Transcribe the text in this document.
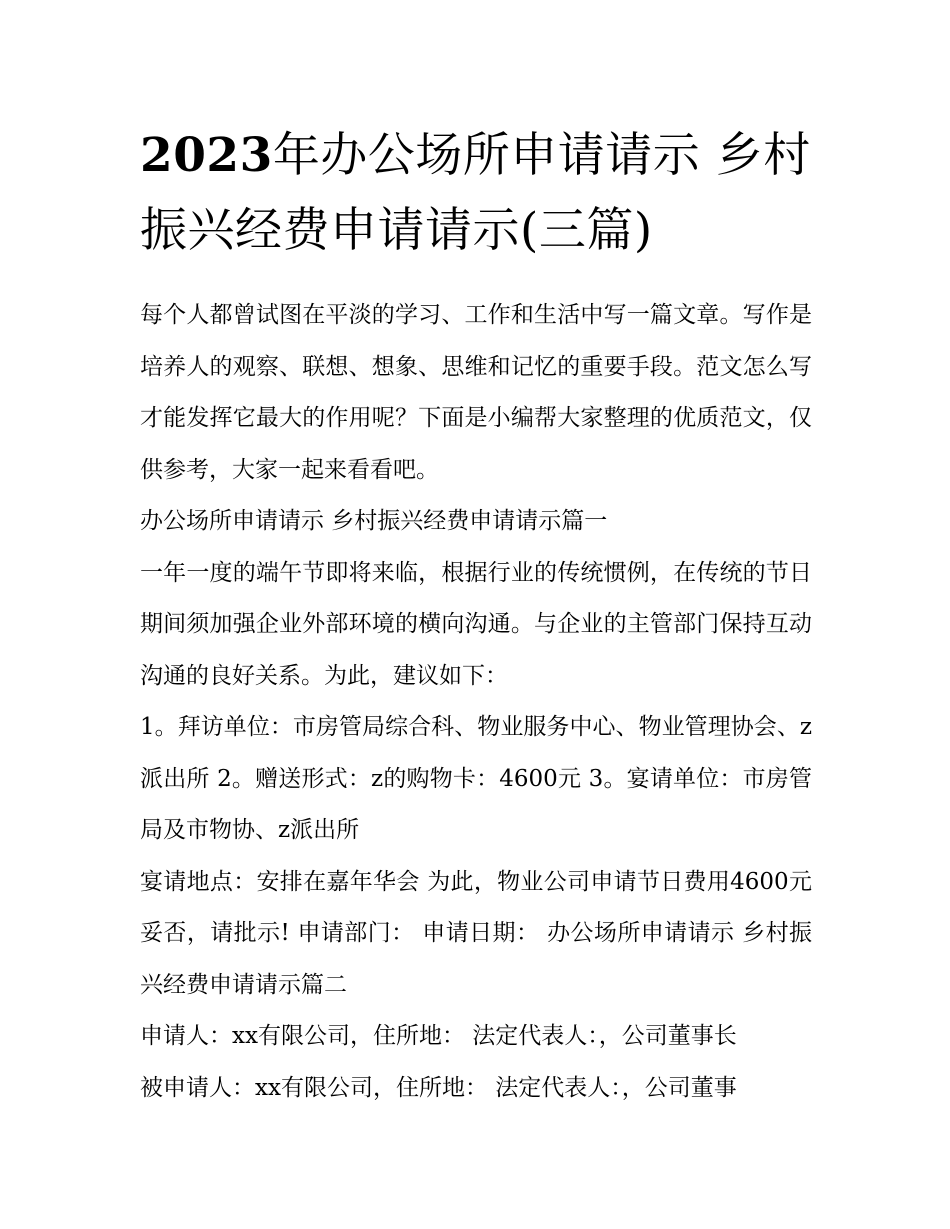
2023年办公场所申请请示 乡村振兴经费申请请示(三篇)

每个人都曾试图在平淡的学习、工作和生活中写一篇文章。写作是培养人的观察、联想、想象、思维和记忆的重要手段。范文怎么写才能发挥它最大的作用呢？下面是小编帮大家整理的优质范文，仅供参考，大家一起来看看吧。

办公场所申请请示 乡村振兴经费申请请示篇一

一年一度的端午节即将来临，根据行业的传统惯例，在传统的节日期间须加强企业外部环境的横向沟通。与企业的主管部门保持互动沟通的良好关系。为此，建议如下：

1。拜访单位：市房管局综合科、物业服务中心、物业管理协会、z派出所 2。赠送形式：z的购物卡：4600元 3。宴请单位：市房管局及市物协、z派出所

宴请地点：安排在嘉年华会 为此，物业公司申请节日费用4600元妥否，请批示! 申请部门： 申请日期： 办公场所申请请示 乡村振兴经费申请请示篇二

申请人：xx有限公司，住所地： 法定代表人：，公司董事长

被申请人：xx有限公司，住所地： 法定代表人：，公司董事
